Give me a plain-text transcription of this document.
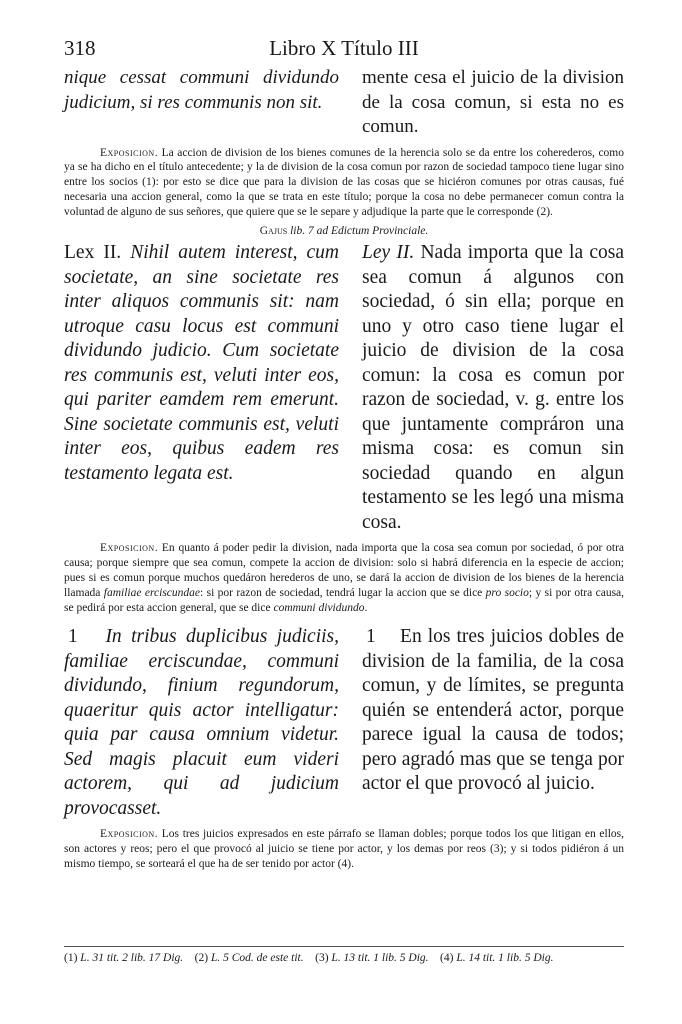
318	Libro X Título III
nique cessat communi dividundo judicium, si res communis non sit.
mente cesa el juicio de la division de la cosa comun, si esta no es comun.

Exposicion. La accion de division de los bienes comunes de la herencia solo se da entre los coherederos, como ya se ha dicho en el título antecedente; y la de division de la cosa comun por razon de sociedad tampoco tiene lugar sino entre los socios (1): por esto se dice que para la division de las cosas que se hiciéron comunes por otras causas, fué necesaria una accion general, como la que se trata en este título; porque la cosa no debe permanecer comun contra la voluntad de alguno de sus señores, que quiere que se le separe y adjudique la parte que le corresponde (2).

Gajus lib. 7 ad Edictum Provinciale.
Lex II. Nihil autem interest, cum societate, an sine societate res inter aliquos communis sit: nam utroque casu locus est communi dividundo judicio. Cum societate res communis est, veluti inter eos, qui pariter eamdem rem emerunt. Sine societate communis est, veluti inter eos, quibus eadem res testamento legata est.
Ley II. Nada importa que la cosa sea comun á algunos con sociedad, ó sin ella; porque en uno y otro caso tiene lugar el juicio de division de la cosa comun: la cosa es comun por razon de sociedad, v. g. entre los que juntamente compráron una misma cosa: es comun sin sociedad quando en algun testamento se les legó una misma cosa.

Exposicion. En quanto á poder pedir la division, nada importa que la cosa sea comun por sociedad, ó por otra causa; porque siempre que sea comun, compete la accion de division: solo si habrá diferencia en la especie de accion; pues si es comun porque muchos quedáron herederos de uno, se dará la accion de division de los bienes de la herencia llamada familiae erciscundae: si por razon de sociedad, tendrá lugar la accion que se dice pro socio; y si por otra causa, se pedirá por esta accion general, que se dice communi dividundo.

1 In tribus duplicibus judiciis, familiae erciscundae, communi dividundo, finium regundorum, quaeritur quis actor intelligatur: quia par causa omnium videtur. Sed magis placuit eum videri actorem, qui ad judicium provocasset.
1 En los tres juicios dobles de division de la familia, de la cosa comun, y de límites, se pregunta quién se entenderá actor, porque parece igual la causa de todos; pero agradó mas que se tenga por actor el que provocó al juicio.

Exposicion. Los tres juicios expresados en este párrafo se llaman dobles; porque todos los que litigan en ellos, son actores y reos; pero el que provocó al juicio se tiene por actor, y los demas por reos (3); y si todos pidiéron á un mismo tiempo, se sorteará el que ha de ser tenido por actor (4).

(1) L. 31 tit. 2 lib. 17 Dig. (2) L. 5 Cod. de este tit. (3) L. 13 tit. 1 lib. 5 Dig. (4) L. 14 tit. 1 lib. 5 Dig.
